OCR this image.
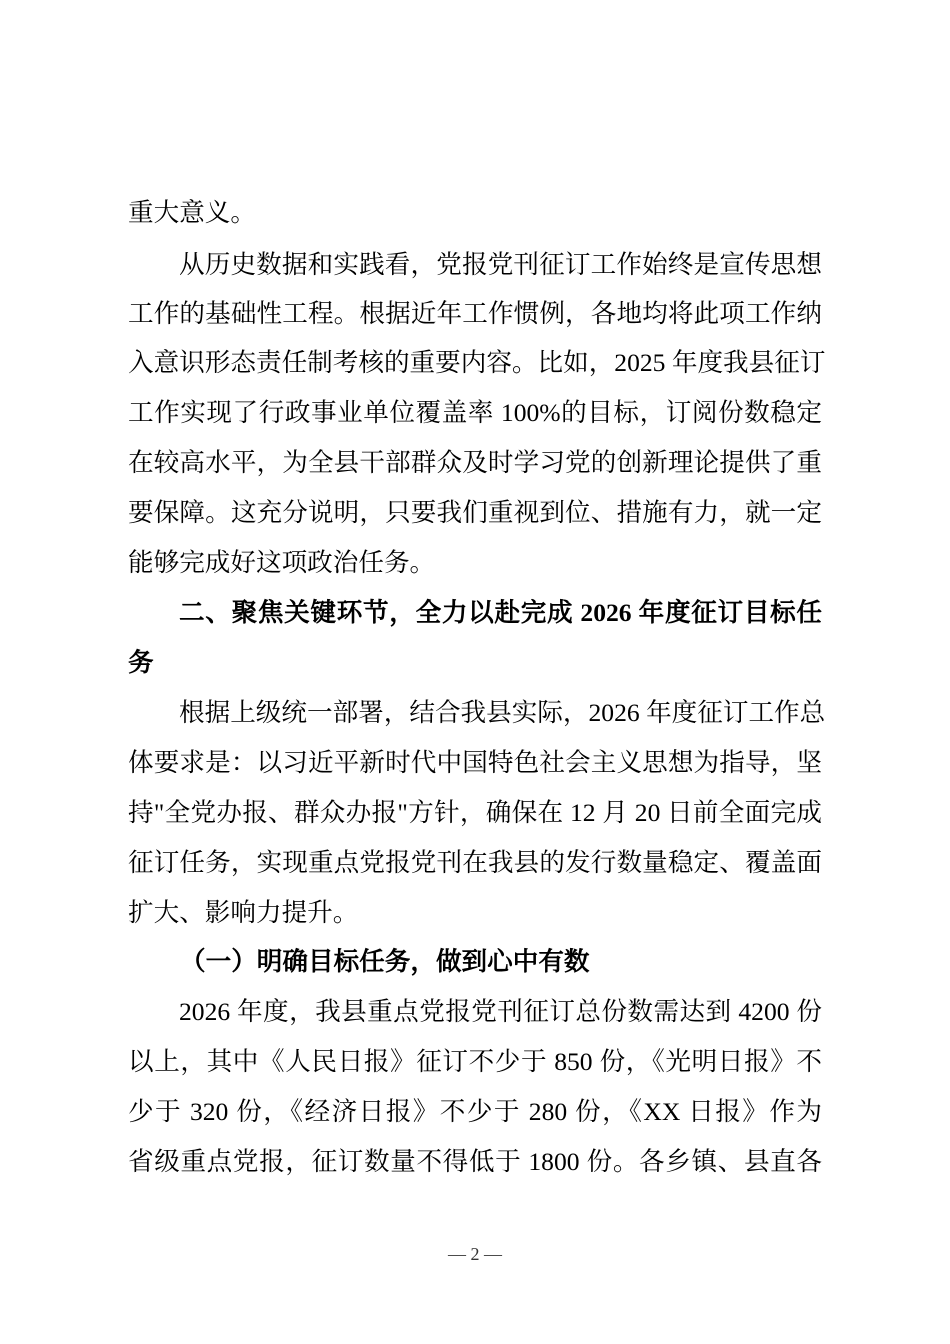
重大意义。
从历史数据和实践看，党报党刊征订工作始终是宣传思想
工作的基础性工程。根据近年工作惯例，各地均将此项工作纳
入意识形态责任制考核的重要内容。比如，2025 年度我县征订
工作实现了行政事业单位覆盖率 100%的目标，订阅份数稳定
在较高水平，为全县干部群众及时学习党的创新理论提供了重
要保障。这充分说明，只要我们重视到位、措施有力，就一定
能够完成好这项政治任务。
二、聚焦关键环节，全力以赴完成 2026 年度征订目标任
务
根据上级统一部署，结合我县实际，2026 年度征订工作总
体要求是：以习近平新时代中国特色社会主义思想为指导，坚
持"全党办报、群众办报"方针，确保在 12 月 20 日前全面完成
征订任务，实现重点党报党刊在我县的发行数量稳定、覆盖面
扩大、影响力提升。
（一）明确目标任务，做到心中有数
2026 年度，我县重点党报党刊征订总份数需达到 4200 份
以上，其中《人民日报》征订不少于 850 份，《光明日报》不
少于 320 份，《经济日报》不少于 280 份，《XX 日报》作为
省级重点党报，征订数量不得低于 1800 份。各乡镇、县直各
— 2 —
